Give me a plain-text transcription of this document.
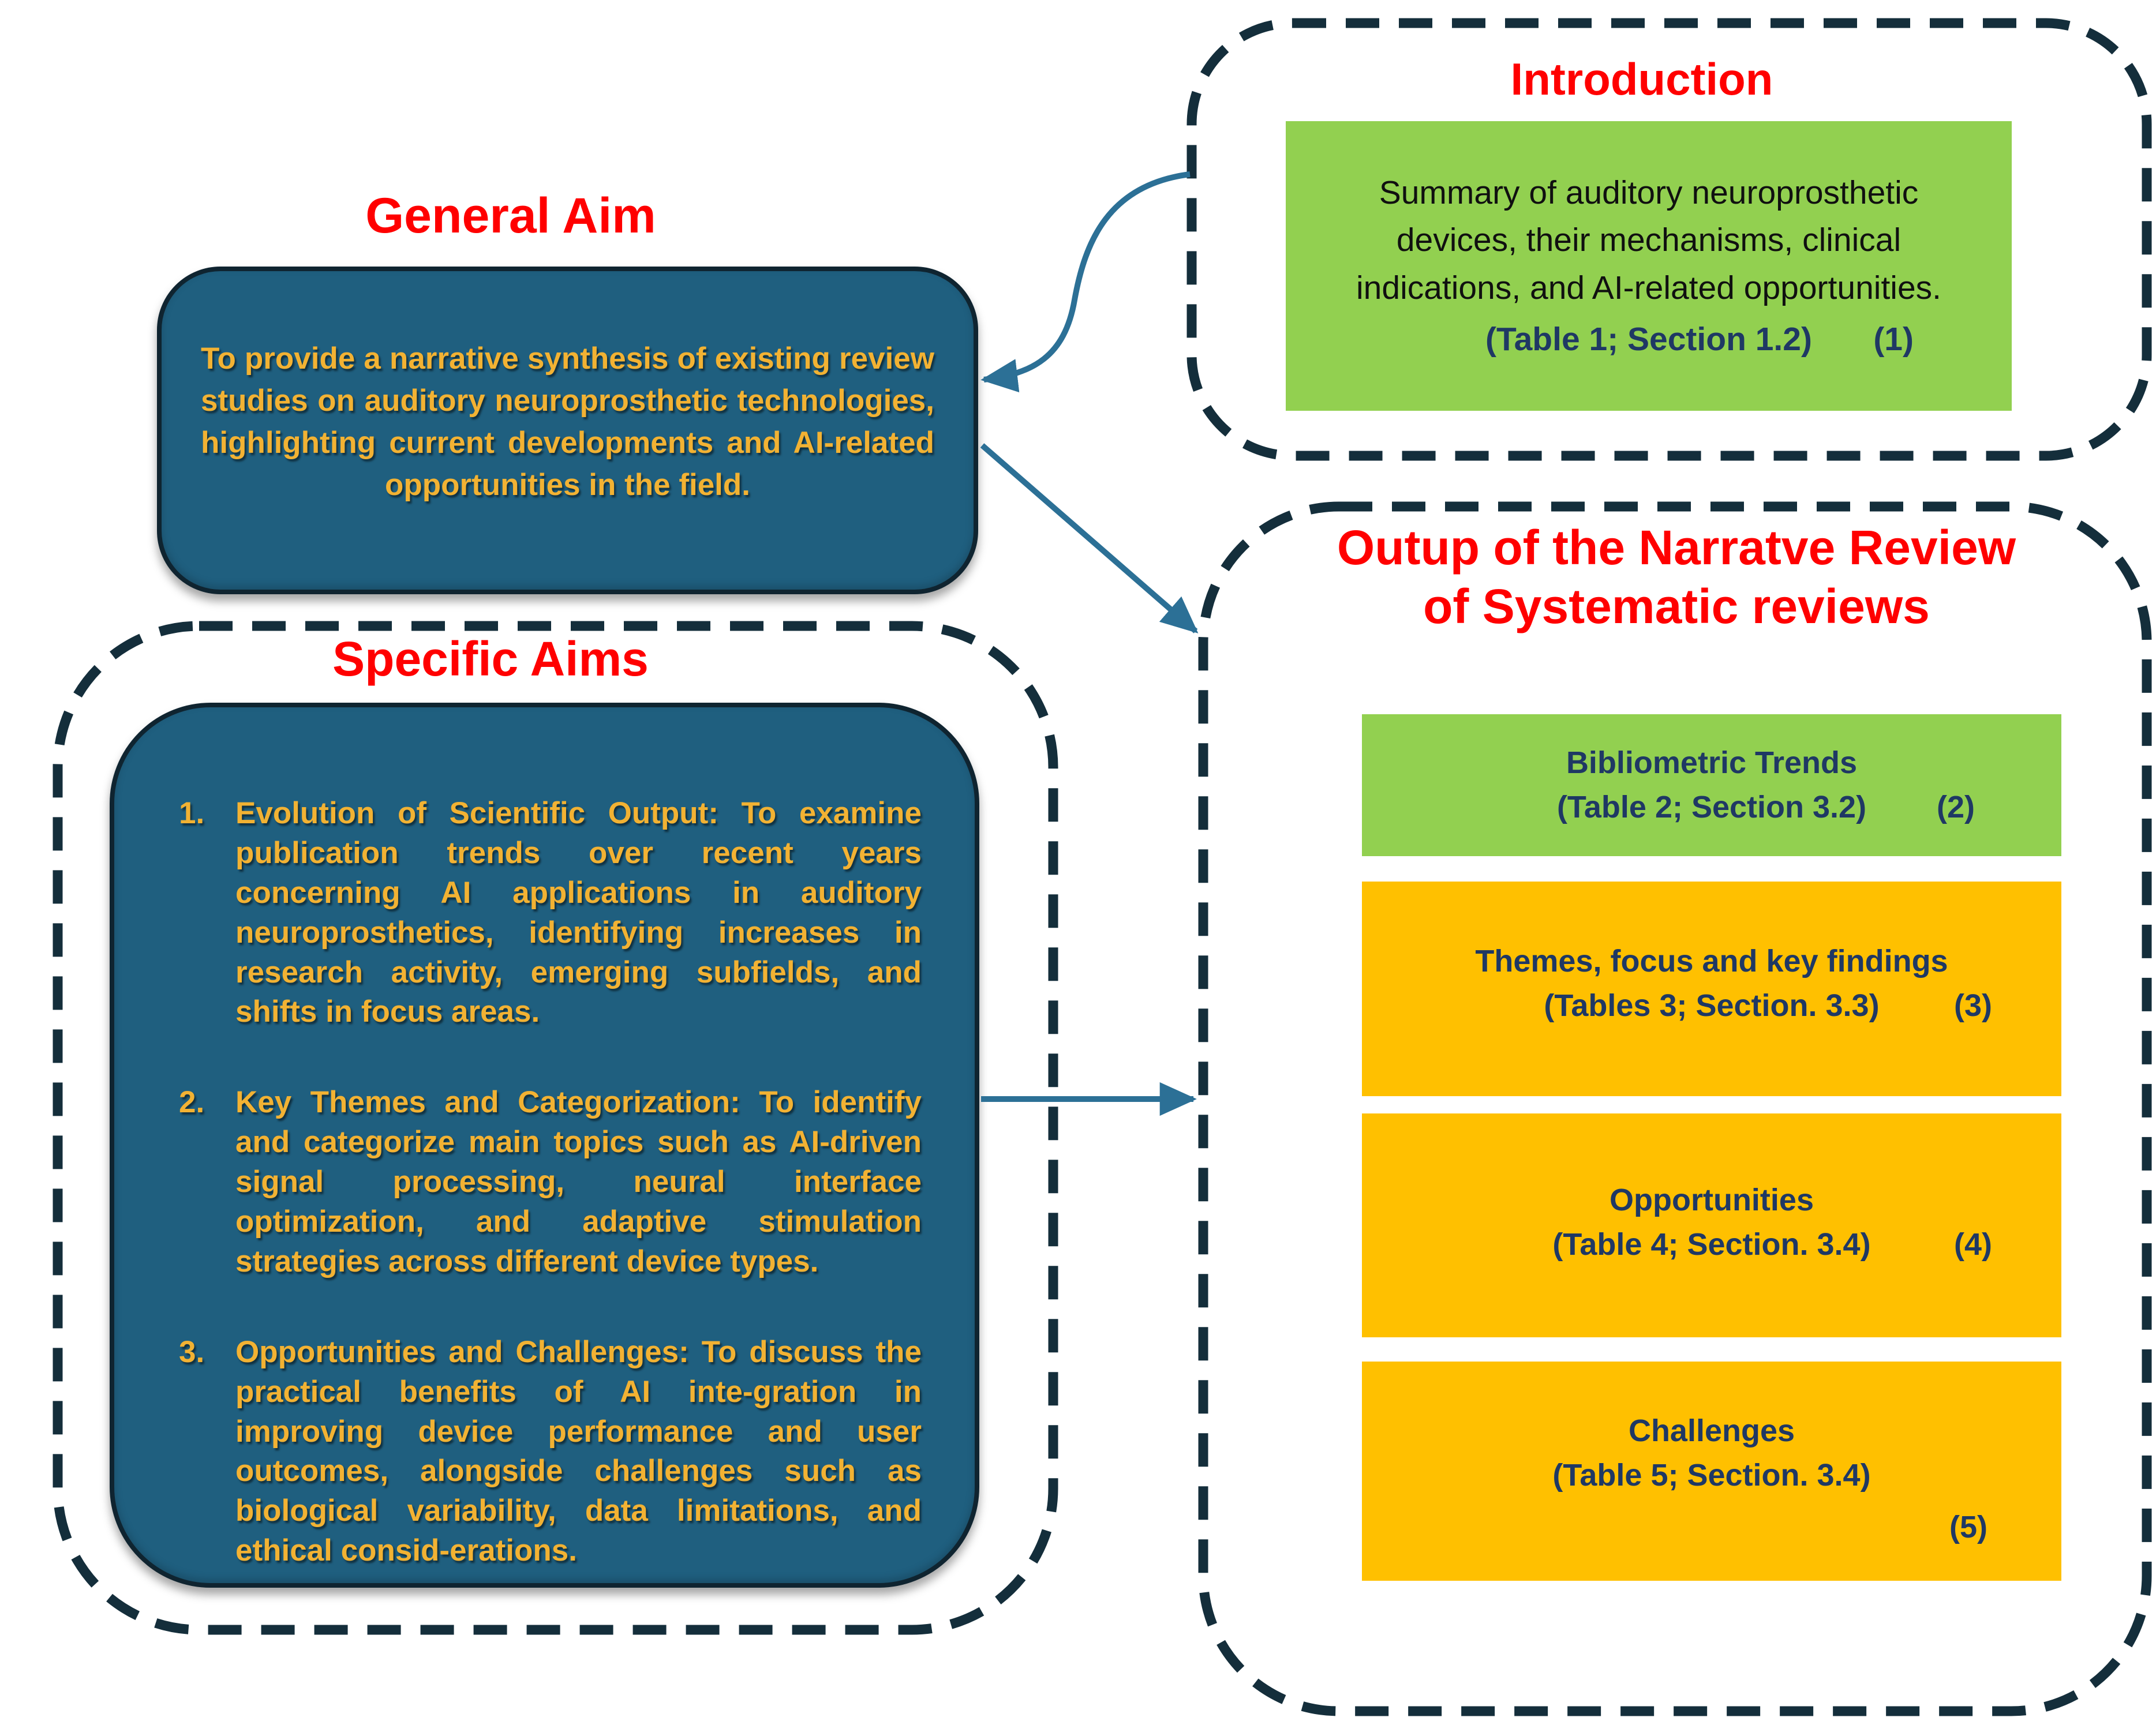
General Aim
To provide a narrative synthesis of existing review studies on auditory neuroprosthetic technologies, highlighting current developments and AI-related opportunities in the field.
Specific Aims
1.	Evolution of Scientific Output: To examine publication trends over recent years concerning AI applications in auditory neuroprosthetics, identifying increases in research activity, emerging subfields, and shifts in focus areas.
2.	Key Themes and Categorization: To identify and categorize main topics such as AI-driven signal processing, neural interface optimization, and adaptive stimulation strategies across different device types.
3.	Opportunities and Challenges: To discuss the practical benefits of AI inte-gration in improving device performance and user outcomes, alongside challenges such as biological variability, data limitations, and ethical consid-erations.
Introduction
Summary of auditory neuroprosthetic devices, their mechanisms, clinical indications, and AI-related opportunities.
(Table 1; Section 1.2) (1)
Outup of the Narratve Review
of Systematic reviews
Bibliometric Trends
(Table 2; Section 3.2) (2)
Themes, focus and key findings
(Tables 3; Section. 3.3) (3)
Opportunities
(Table 4; Section. 3.4)	(4)
Challenges
(Table 5; Section. 3.4)
(5)
